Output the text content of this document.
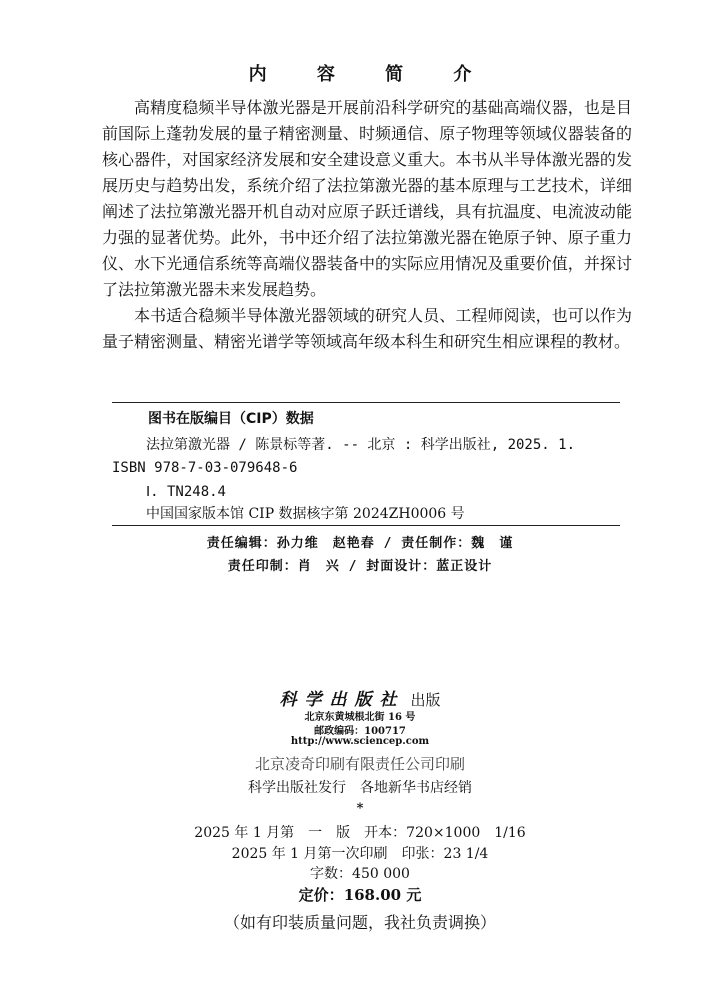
内 容 简 介

高精度稳频半导体激光器是开展前沿科学研究的基础高端仪器，也是目前国际上蓬勃发展的量子精密测量、时频通信、原子物理等领域仪器装备的核心器件，对国家经济发展和安全建设意义重大。本书从半导体激光器的发展历史与趋势出发，系统介绍了法拉第激光器的基本原理与工艺技术，详细阐述了法拉第激光器开机自动对应原子跃迁谱线，具有抗温度、电流波动能力强的显著优势。此外，书中还介绍了法拉第激光器在铯原子钟、原子重力仪、水下光通信系统等高端仪器装备中的实际应用情况及重要价值，并探讨了法拉第激光器未来发展趋势。

本书适合稳频半导体激光器领域的研究人员、工程师阅读，也可以作为量子精密测量、精密光谱学等领域高年级本科生和研究生相应课程的教材。

图书在版编目（CIP）数据
法拉第激光器 / 陈景标等著. -- 北京 : 科学出版社, 2025. 1.
ISBN 978-7-03-079648-6
Ⅰ. TN248.4
中国国家版本馆 CIP 数据核字第 2024ZH0006 号
责任编辑：孙力维　赵艳春 / 责任制作：魏　谨
责任印制：肖　兴 / 封面设计：蓝正设计
科学出版社 出版
北京东黄城根北街 16 号
邮政编码：100717
http://www.sciencep.com
北京凌奇印刷有限责任公司印刷
科学出版社发行　各地新华书店经销
*
2025 年 1 月第　一　版　开本：720×1000　1/16
2025 年 1 月第一次印刷　印张：23 1/4
字数：450 000
定价：168.00 元
（如有印装质量问题，我社负责调换）
